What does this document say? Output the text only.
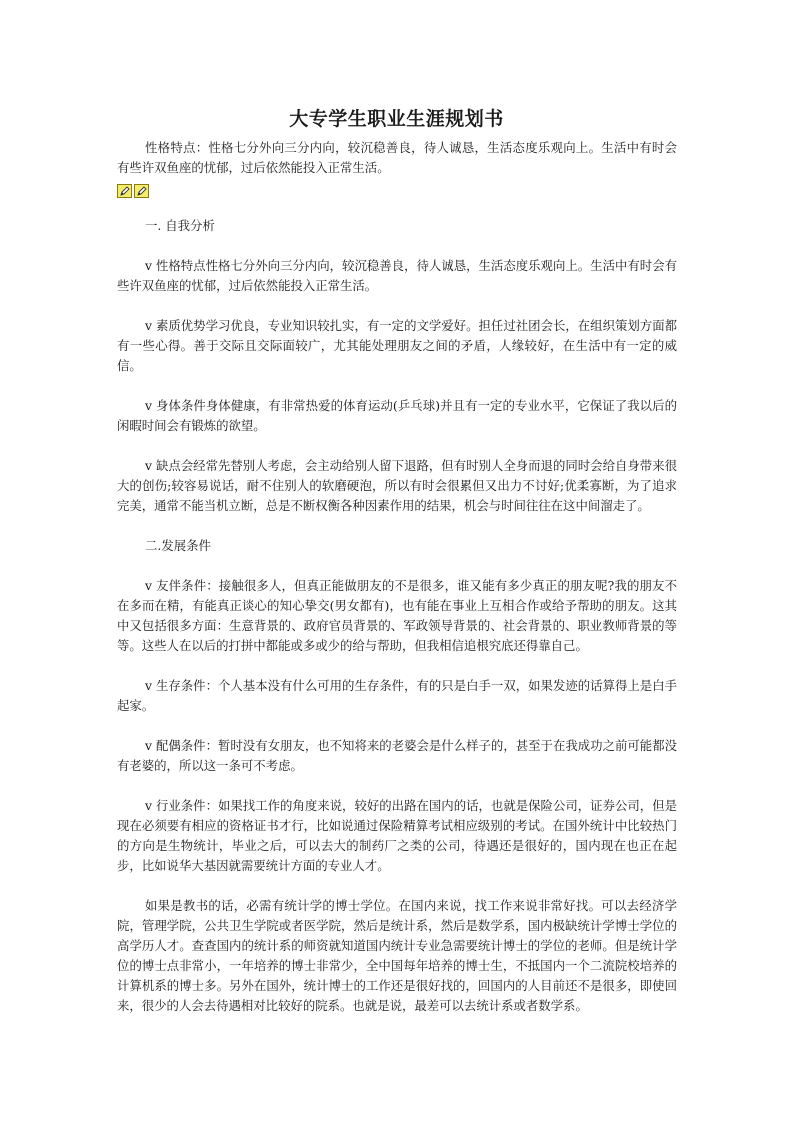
大专学生职业生涯规划书

性格特点：性格七分外向三分内向，较沉稳善良，待人诚恳，生活态度乐观向上。生活中有时会有些许双鱼座的忧郁，过后依然能投入正常生活。

一. 自我分析

v 性格特点性格七分外向三分内向，较沉稳善良，待人诚恳，生活态度乐观向上。生活中有时会有些许双鱼座的忧郁，过后依然能投入正常生活。

v 素质优势学习优良，专业知识较扎实，有一定的文学爱好。担任过社团会长，在组织策划方面都有一些心得。善于交际且交际面较广，尤其能处理朋友之间的矛盾，人缘较好，在生活中有一定的威信。

v 身体条件身体健康，有非常热爱的体育运动(乒乓球)并且有一定的专业水平，它保证了我以后的闲暇时间会有锻炼的欲望。

v 缺点会经常先替别人考虑，会主动给别人留下退路，但有时别人全身而退的同时会给自身带来很大的创伤;较容易说话，耐不住别人的软磨硬泡，所以有时会很累但又出力不讨好;优柔寡断，为了追求完美，通常不能当机立断，总是不断权衡各种因素作用的结果，机会与时间往往在这中间溜走了。

二.发展条件

v 友伴条件：接触很多人，但真正能做朋友的不是很多，谁又能有多少真正的朋友呢?我的朋友不在多而在精，有能真正谈心的知心挚交(男女都有)，也有能在事业上互相合作或给予帮助的朋友。这其中又包括很多方面：生意背景的、政府官员背景的、军政领导背景的、社会背景的、职业教师背景的等等。这些人在以后的打拼中都能或多或少的给与帮助，但我相信追根究底还得靠自己。

v 生存条件：个人基本没有什么可用的生存条件，有的只是白手一双，如果发迹的话算得上是白手起家。

v 配偶条件：暂时没有女朋友，也不知将来的老婆会是什么样子的，甚至于在我成功之前可能都没有老婆的，所以这一条可不考虑。

v 行业条件：如果找工作的角度来说，较好的出路在国内的话，也就是保险公司，证券公司，但是现在必须要有相应的资格证书才行，比如说通过保险精算考试相应级别的考试。在国外统计中比较热门的方向是生物统计，毕业之后，可以去大的制药厂之类的公司，待遇还是很好的，国内现在也正在起步，比如说华大基因就需要统计方面的专业人才。

如果是教书的话，必需有统计学的博士学位。在国内来说，找工作来说非常好找。可以去经济学院，管理学院，公共卫生学院或者医学院，然后是统计系，然后是数学系，国内极缺统计学博士学位的高学历人才。查查国内的统计系的师资就知道国内统计专业急需要统计博士的学位的老师。但是统计学位的博士点非常小，一年培养的博士非常少，全中国每年培养的博士生，不抵国内一个二流院校培养的计算机系的博士多。另外在国外，统计博士的工作还是很好找的，回国内的人目前还不是很多，即使回来，很少的人会去待遇相对比较好的院系。也就是说，最差可以去统计系或者数学系。
